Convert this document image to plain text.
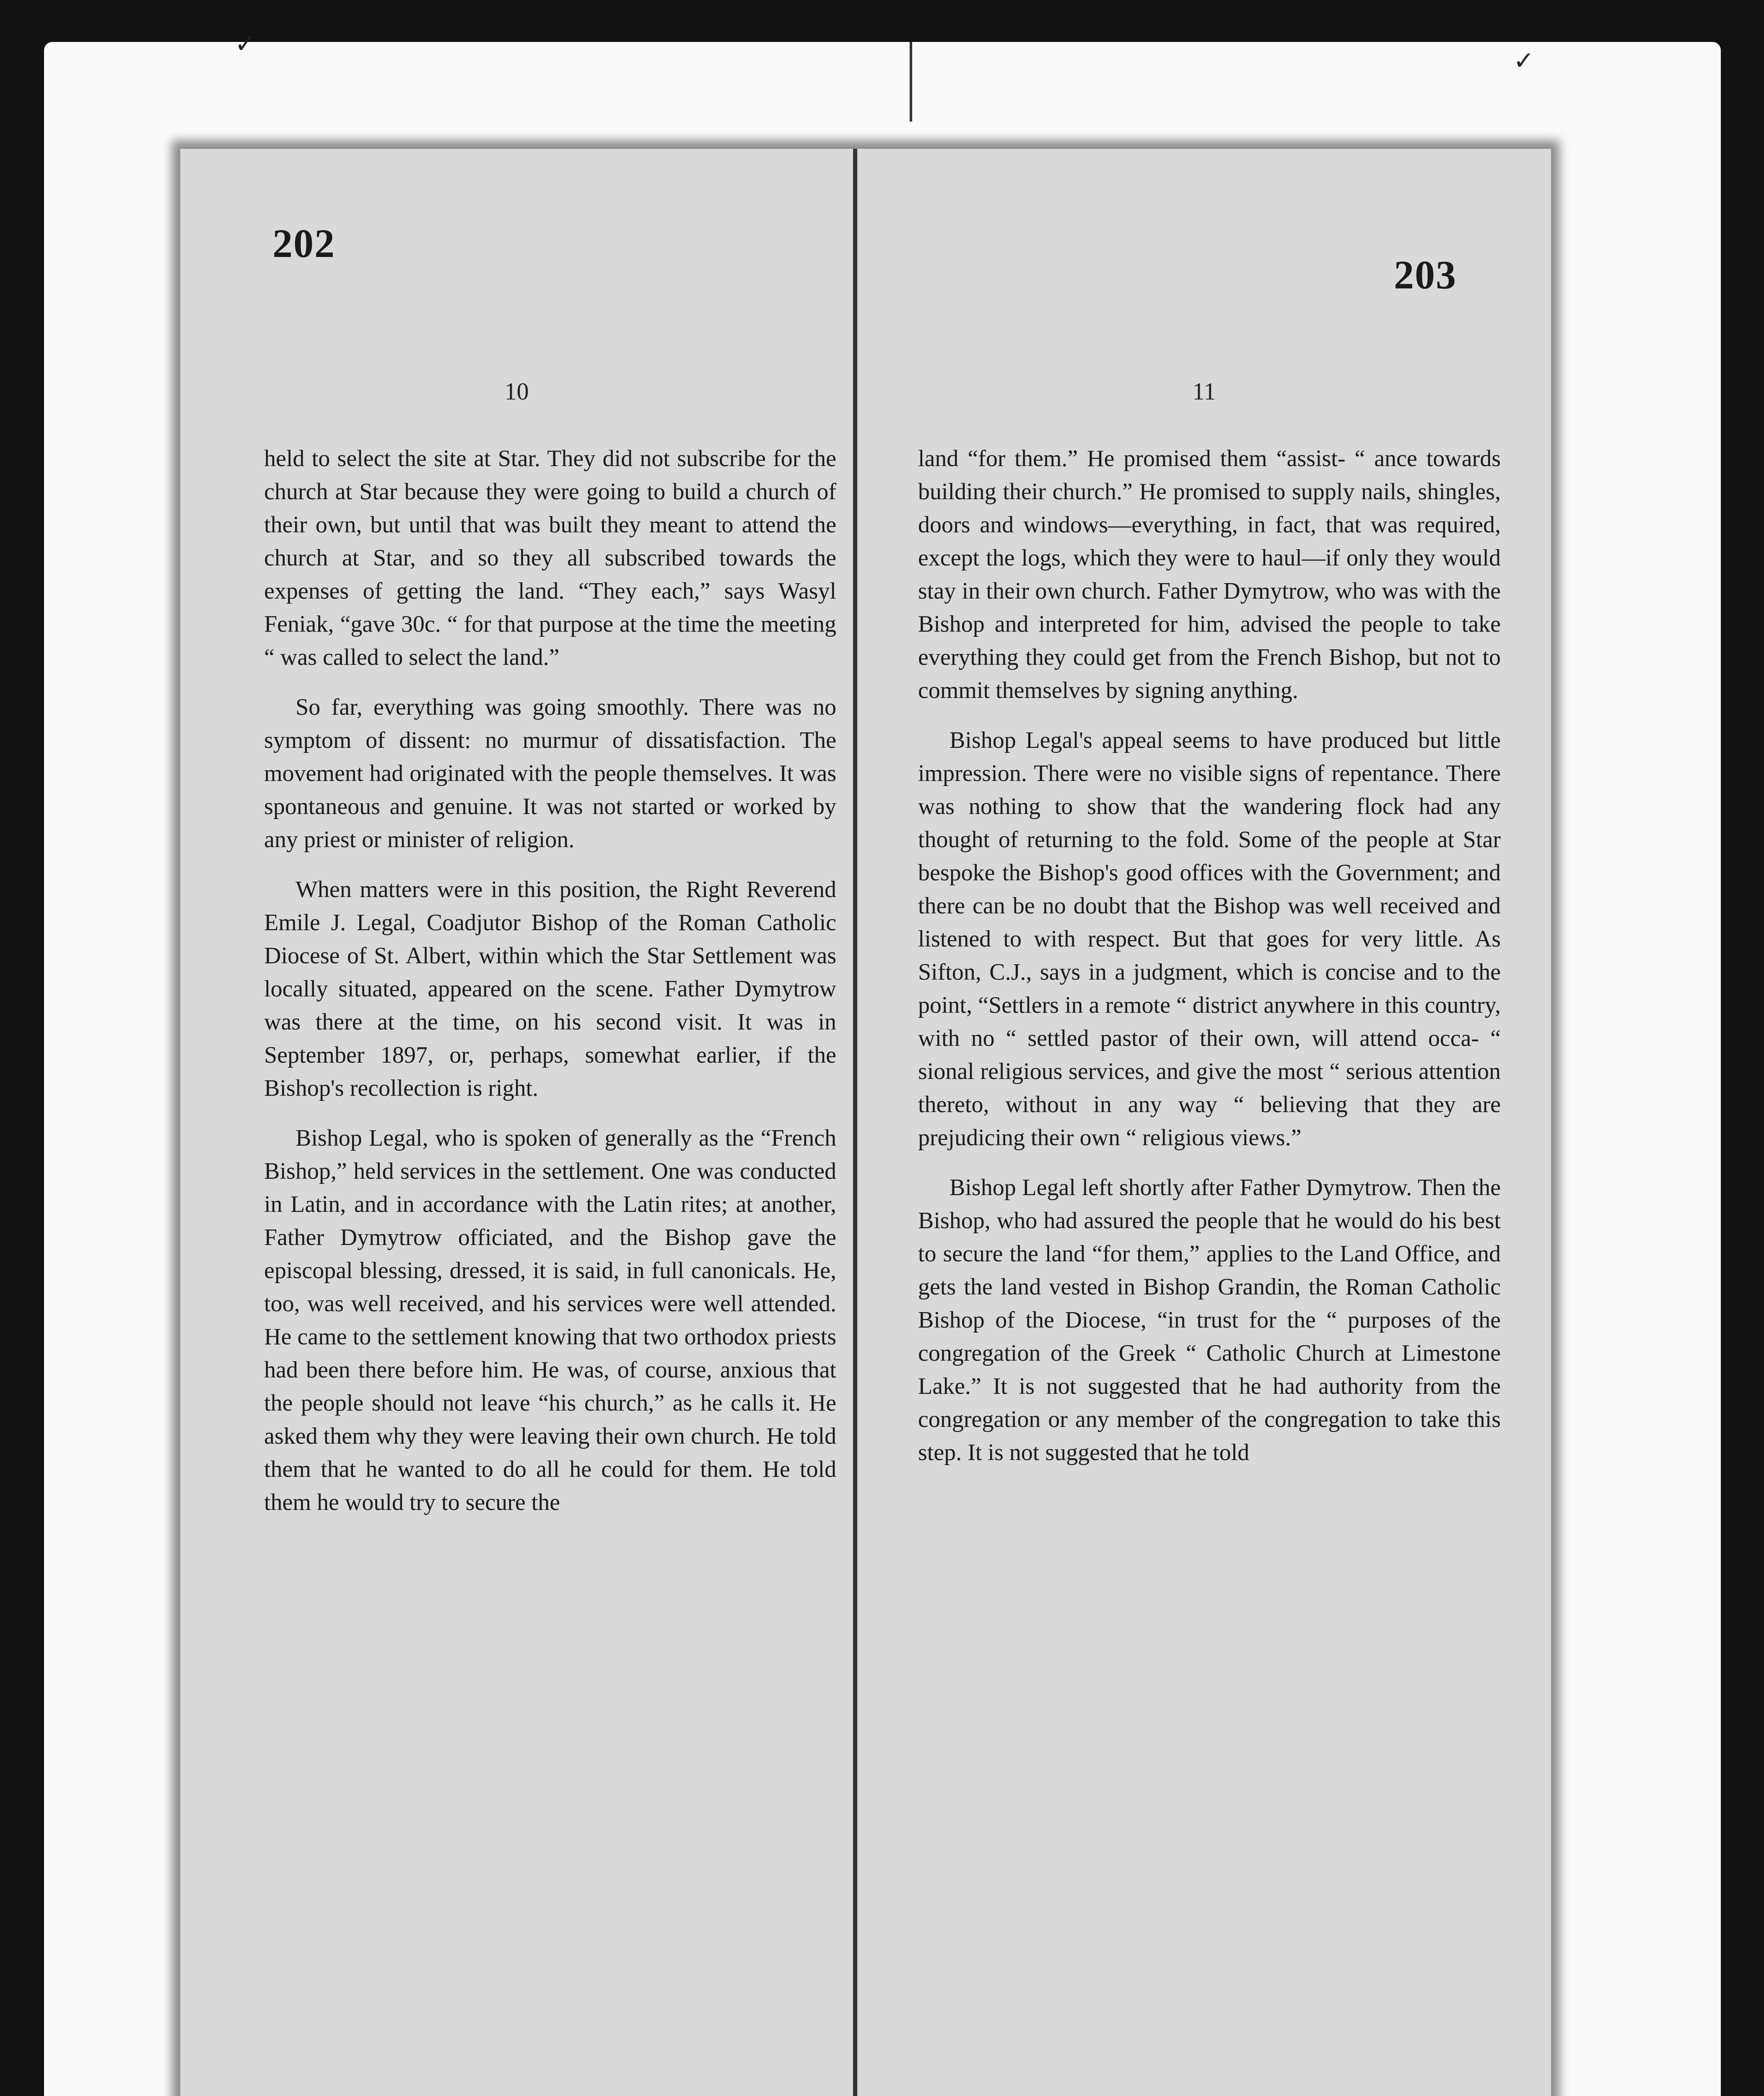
✓
✓
202
10

held to select the site at Star. They did not subscribe for the church at Star because they were going to build a church of their own, but until that was built they meant to attend the church at Star, and so they all subscribed towards the expenses of getting the land. “They each,” says Wasyl Feniak, “gave 30c. “ for that purpose at the time the meeting “ was called to select the land.”

So far, everything was going smoothly. There was no symptom of dissent: no murmur of dissatisfaction. The movement had originated with the people themselves. It was spontaneous and genuine. It was not started or worked by any priest or minister of religion.

When matters were in this position, the Right Reverend Emile J. Legal, Coadjutor Bishop of the Roman Catholic Diocese of St. Albert, within which the Star Settlement was locally situated, appeared on the scene. Father Dymytrow was there at the time, on his second visit. It was in September 1897, or, perhaps, somewhat earlier, if the Bishop's recollection is right.

Bishop Legal, who is spoken of generally as the “French Bishop,” held services in the settlement. One was conducted in Latin, and in accordance with the Latin rites; at another, Father Dymytrow officiated, and the Bishop gave the episcopal blessing, dressed, it is said, in full canonicals. He, too, was well received, and his services were well attended. He came to the settlement knowing that two orthodox priests had been there before him. He was, of course, anxious that the people should not leave “his church,” as he calls it. He asked them why they were leaving their own church. He told them that he wanted to do all he could for them. He told them he would try to secure the

203
11

land “for them.” He promised them “assist- “ ance towards building their church.” He promised to supply nails, shingles, doors and windows—everything, in fact, that was required, except the logs, which they were to haul—if only they would stay in their own church. Father Dymytrow, who was with the Bishop and interpreted for him, advised the people to take everything they could get from the French Bishop, but not to commit themselves by signing anything.

Bishop Legal's appeal seems to have produced but little impression. There were no visible signs of repentance. There was nothing to show that the wandering flock had any thought of returning to the fold. Some of the people at Star bespoke the Bishop's good offices with the Government; and there can be no doubt that the Bishop was well received and listened to with respect. But that goes for very little. As Sifton, C.J., says in a judgment, which is concise and to the point, “Settlers in a remote “ district anywhere in this country, with no “ settled pastor of their own, will attend occa- “ sional religious services, and give the most “ serious attention thereto, without in any way “ believing that they are prejudicing their own “ religious views.”

Bishop Legal left shortly after Father Dymytrow. Then the Bishop, who had assured the people that he would do his best to secure the land “for them,” applies to the Land Office, and gets the land vested in Bishop Grandin, the Roman Catholic Bishop of the Diocese, “in trust for the “ purposes of the congregation of the Greek “ Catholic Church at Limestone Lake.” It is not suggested that he had authority from the congregation or any member of the congregation to take this step. It is not suggested that he told
